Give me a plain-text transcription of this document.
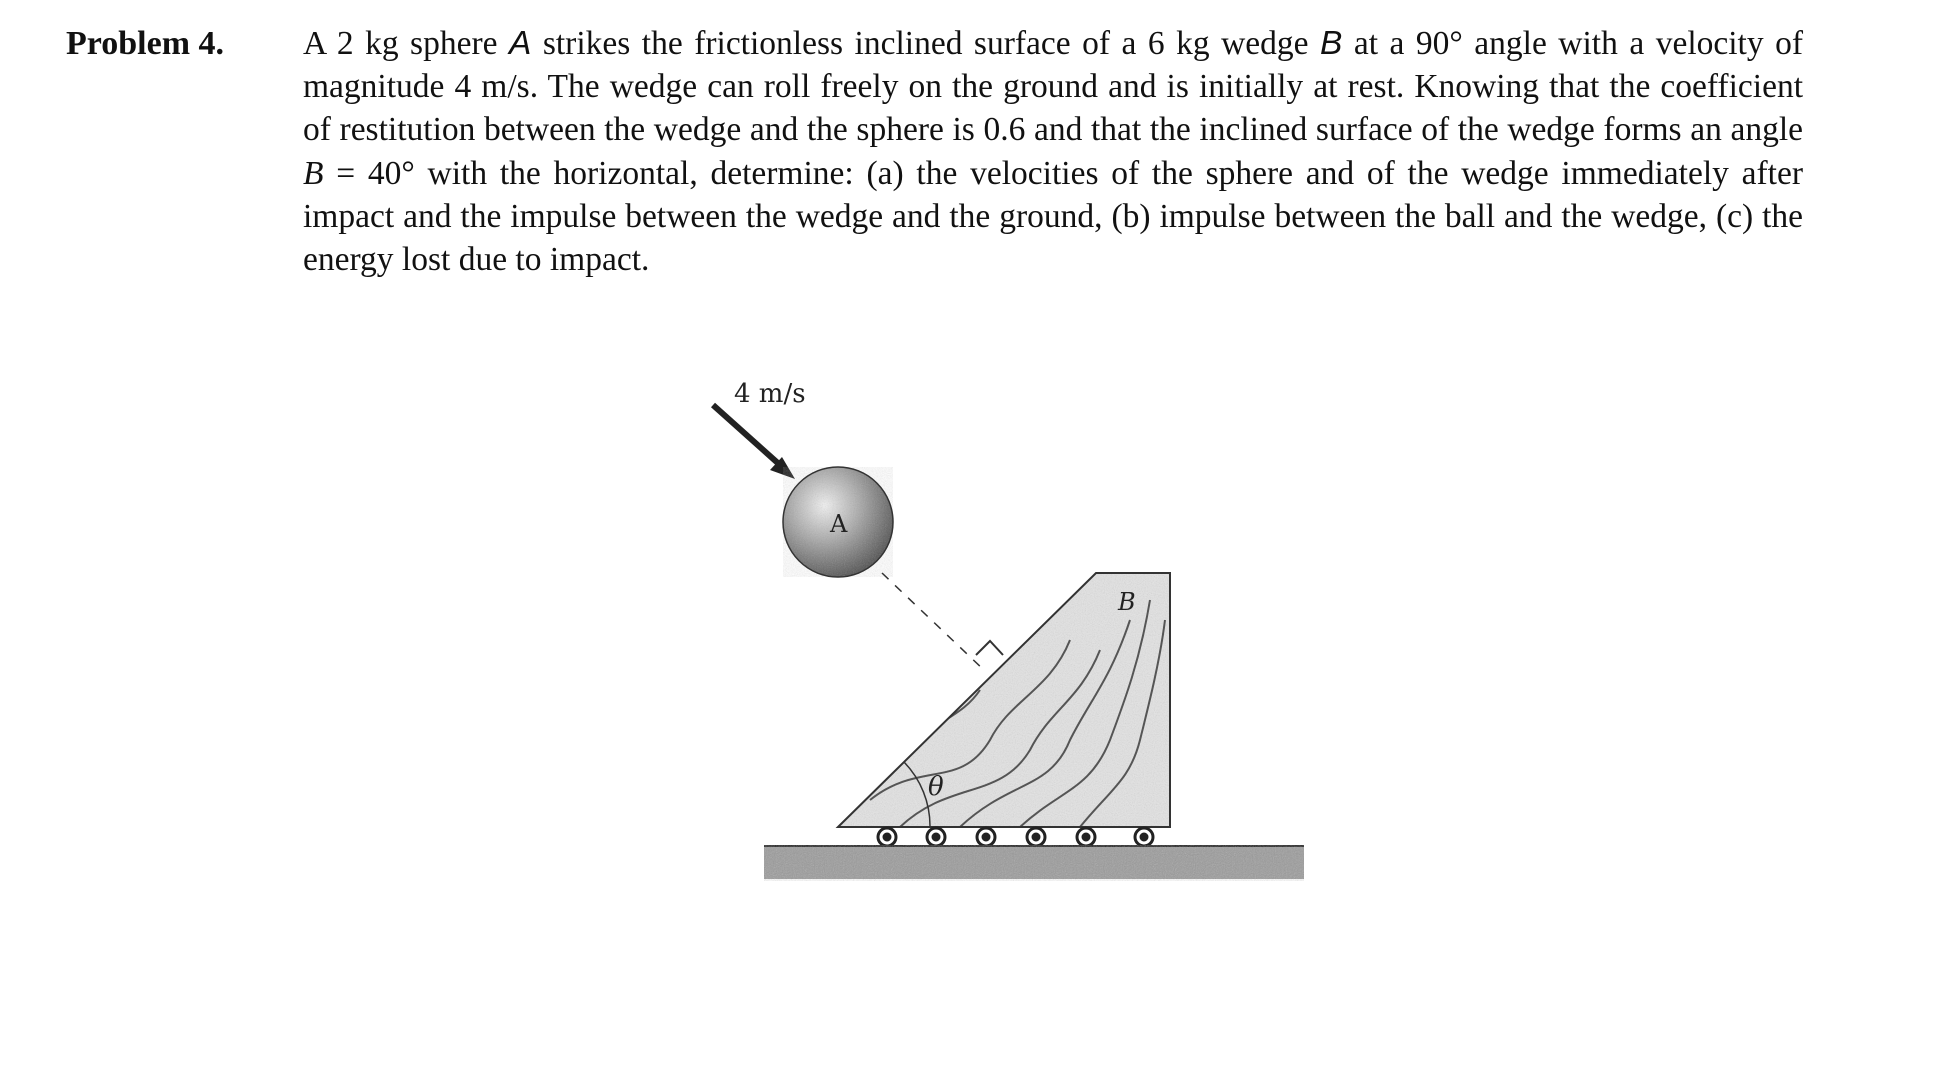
Problem 4. A 2 kg sphere A strikes the frictionless inclined surface of a 6 kg wedge B at a 90° angle with a velocity of magnitude 4 m/s. The wedge can roll freely on the ground and is initially at rest. Knowing that the coefficient of restitution between the wedge and the sphere is 0.6 and that the inclined surface of the wedge forms an angle B = 40° with the horizontal, determine: (a) the velocities of the sphere and of the wedge immediately after impact and the impulse between the wedge and the ground, (b) impulse between the ball and the wedge, (c) the energy lost due to impact.

4 m/s
A
B
θ
